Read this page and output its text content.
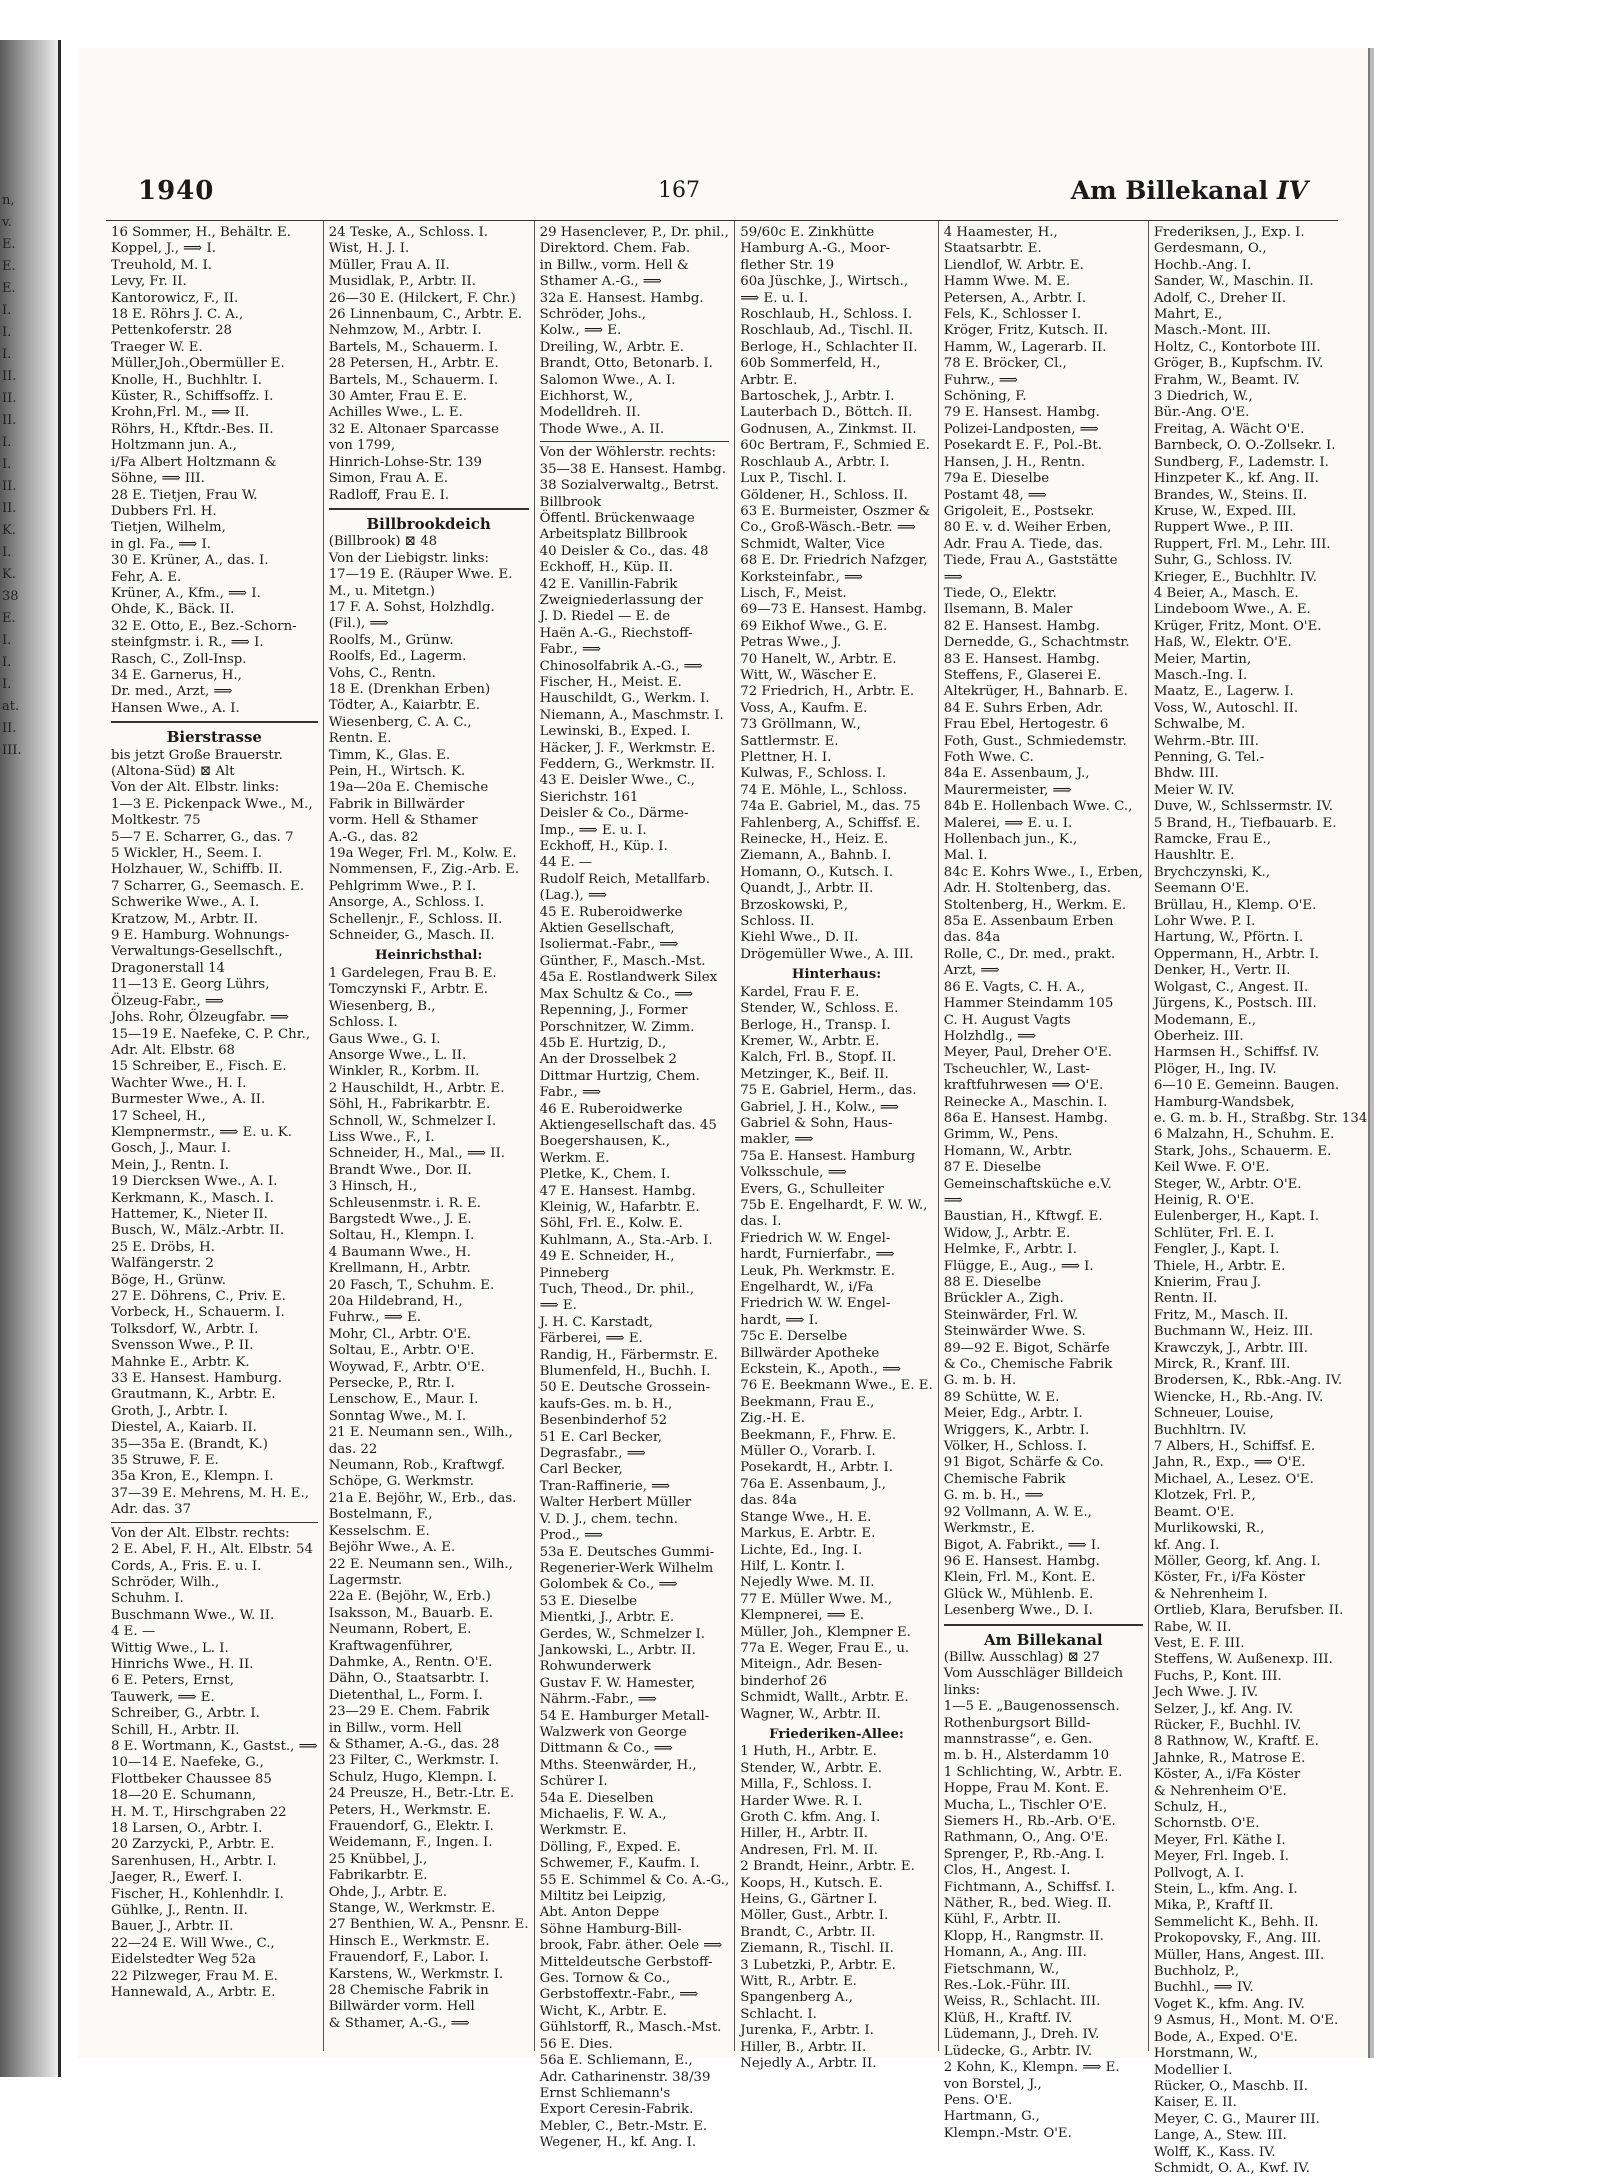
n,
v.
E.
E.
E.
I.
I.
I.
II.
II.
II.
I.
I.
II.
II.
K.
I.
K.
38
E.
I.
I.
I.
at.
II.
III.
1940	167	Am Billekanal IV
16 Sommer, H., Behältr. E.
Koppel, J., ⟹ I.
Treuhold, M. I.
Levy, Fr. II.
Kantorowicz, F., II.
18 E. Röhrs J. C. A.,
Pettenkoferstr. 28
Traeger W. E.
Müller,Joh.,Obermüller E.
Knolle, H., Buchhltr. I.
Küster, R., Schiffsoffz. I.
Krohn,Frl. M., ⟹ II.
Röhrs, H., Kftdr.-Bes. II.
Holtzmann jun. A.,
i/Fa Albert Holtzmann &
Söhne, ⟹ III.
28 E. Tietjen, Frau W.
Dubbers Frl. H.
Tietjen, Wilhelm,
in gl. Fa., ⟹ I.
30 E. Krüner, A., das. I.
Fehr, A. E.
Krüner, A., Kfm., ⟹ I.
Ohde, K., Bäck. II.
32 E. Otto, E., Bez.-Schorn-
steinfgmstr. i. R., ⟹ I.
Rasch, C., Zoll-Insp.
34 E. Garnerus, H.,
Dr. med., Arzt, ⟹
Hansen Wwe., A. I.
Bierstrasse
bis jetzt Große Brauerstr.
(Altona-Süd) ⊠ Alt
Von der Alt. Elbstr. links:
1—3 E. Pickenpack Wwe., M.,
Moltkestr. 75
5—7 E. Scharrer, G., das. 7
5 Wickler, H., Seem. I.
Holzhauer, W., Schiffb. II.
7 Scharrer, G., Seemasch. E.
Schwerike Wwe., A. I.
Kratzow, M., Arbtr. II.
9 E. Hamburg. Wohnungs-
Verwaltungs-Gesellschft.,
Dragonerstall 14
11—13 E. Georg Lührs,
Ölzeug-Fabr., ⟹
Johs. Rohr, Ölzeugfabr. ⟹
15—19 E. Naefeke, C. P. Chr.,
Adr. Alt. Elbstr. 68
15 Schreiber, E., Fisch. E.
Wachter Wwe., H. I.
Burmester Wwe., A. II.
17 Scheel, H.,
Klempnermstr., ⟹ E. u. K.
Gosch, J., Maur. I.
Mein, J., Rentn. I.
19 Diercksen Wwe., A. I.
Kerkmann, K., Masch. I.
Hattemer, K., Nieter II.
Busch, W., Mälz.-Arbtr. II.
25 E. Dröbs, H.
Walfängerstr. 2
Böge, H., Grünw.
27 E. Döhrens, C., Priv. E.
Vorbeck, H., Schauerm. I.
Tolksdorf, W., Arbtr. I.
Svensson Wwe., P. II.
Mahnke E., Arbtr. K.
33 E. Hansest. Hamburg.
Grautmann, K., Arbtr. E.
Groth, J., Arbtr. I.
Diestel, A., Kaiarb. II.
35—35a E. (Brandt, K.)
35 Struwe, F. E.
35a Kron, E., Klempn. I.
37—39 E. Mehrens, M. H. E.,
Adr. das. 37
Von der Alt. Elbstr. rechts:
2 E. Abel, F. H., Alt. Elbstr. 54
Cords, A., Fris. E. u. I.
Schröder, Wilh.,
Schuhm. I.
Buschmann Wwe., W. II.
4 E. —
Wittig Wwe., L. I.
Hinrichs Wwe., H. II.
6 E. Peters, Ernst,
Tauwerk, ⟹ E.
Schreiber, G., Arbtr. I.
Schill, H., Arbtr. II.
8 E. Wortmann, K., Gastst., ⟹
10—14 E. Naefeke, G.,
Flottbeker Chaussee 85
18—20 E. Schumann,
H. M. T., Hirschgraben 22
18 Larsen, O., Arbtr. I.
20 Zarzycki, P., Arbtr. E.
Sarenhusen, H., Arbtr. I.
Jaeger, R., Ewerf. I.
Fischer, H., Kohlenhdlr. I.
Gühlke, J., Rentn. II.
Bauer, J., Arbtr. II.
22—24 E. Will Wwe., C.,
Eidelstedter Weg 52a
22 Pilzweger, Frau M. E.
Hannewald, A., Arbtr. E.
24 Teske, A., Schloss. I.
Wist, H. J. I.
Müller, Frau A. II.
Musidlak, P., Arbtr. II.
26—30 E. (Hilckert, F. Chr.)
26 Linnenbaum, C., Arbtr. E.
Nehmzow, M., Arbtr. I.
Bartels, M., Schauerm. I.
28 Petersen, H., Arbtr. E.
Bartels, M., Schauerm. I.
30 Amter, Frau E. E.
Achilles Wwe., L. E.
32 E. Altonaer Sparcasse
von 1799,
Hinrich-Lohse-Str. 139
Simon, Frau A. E.
Radloff, Frau E. I.
Billbrookdeich
(Billbrook) ⊠ 48
Von der Liebigstr. links:
17—19 E. (Räuper Wwe. E.
M., u. Mitetgn.)
17 F. A. Sohst, Holzhdlg.
(Fil.), ⟹
Roolfs, M., Grünw.
Roolfs, Ed., Lagerm.
Vohs, C., Rentn.
18 E. (Drenkhan Erben)
Tödter, A., Kaiarbtr. E.
Wiesenberg, C. A. C.,
Rentn. E.
Timm, K., Glas. E.
Pein, H., Wirtsch. K.
19a—20a E. Chemische
Fabrik in Billwärder
vorm. Hell & Sthamer
A.-G., das. 82
19a Weger, Frl. M., Kolw. E.
Nommensen, F., Zig.-Arb. E.
Pehlgrimm Wwe., P. I.
Ansorge, A., Schloss. I.
Schellenjr., F., Schloss. II.
Schneider, G., Masch. II.
Heinrichsthal:
1 Gardelegen, Frau B. E.
Tomczynski F., Arbtr. E.
Wiesenberg, B.,
Schloss. I.
Gaus Wwe., G. I.
Ansorge Wwe., L. II.
Winkler, R., Korbm. II.
2 Hauschildt, H., Arbtr. E.
Söhl, H., Fabrikarbtr. E.
Schnoll, W., Schmelzer I.
Liss Wwe., F., I.
Schneider, H., Mal., ⟹ II.
Brandt Wwe., Dor. II.
3 Hinsch, H.,
Schleusenmstr. i. R. E.
Bargstedt Wwe., J. E.
Soltau, H., Klempn. I.
4 Baumann Wwe., H.
Krellmann, H., Arbtr.
20 Fasch, T., Schuhm. E.
20a Hildebrand, H.,
Fuhrw., ⟹ E.
Mohr, Cl., Arbtr. O'E.
Soltau, E., Arbtr. O'E.
Woywad, F., Arbtr. O'E.
Persecke, P., Rtr. I.
Lenschow, E., Maur. I.
Sonntag Wwe., M. I.
21 E. Neumann sen., Wilh.,
das. 22
Neumann, Rob., Kraftwgf.
Schöpe, G. Werkmstr.
21a E. Bejöhr, W., Erb., das.
Bostelmann, F.,
Kesselschm. E.
Bejöhr Wwe., A. E.
22 E. Neumann sen., Wilh.,
Lagermstr.
22a E. (Bejöhr, W., Erb.)
Isaksson, M., Bauarb. E.
Neumann, Robert, E.
Kraftwagenführer,
Dahmke, A., Rentn. O'E.
Dähn, O., Staatsarbtr. I.
Dietenthal, L., Form. I.
23—29 E. Chem. Fabrik
in Billw., vorm. Hell
& Sthamer, A.-G., das. 28
23 Filter, C., Werkmstr. I.
Schulz, Hugo, Klempn. I.
24 Preusze, H., Betr.-Ltr. E.
Peters, H., Werkmstr. E.
Frauendorf, G., Elektr. I.
Weidemann, F., Ingen. I.
25 Knübbel, J.,
Fabrikarbtr. E.
Ohde, J., Arbtr. E.
Stange, W., Werkmstr. E.
27 Benthien, W. A., Pensnr. E.
Hinsch E., Werkmstr. E.
Frauendorf, F., Labor. I.
Karstens, W., Werkmstr. I.
28 Chemische Fabrik in
Billwärder vorm. Hell
& Sthamer, A.-G., ⟹
29 Hasenclever, P., Dr. phil.,
Direktord. Chem. Fab.
in Billw., vorm. Hell &
Sthamer A.-G., ⟹
32a E. Hansest. Hambg.
Schröder, Johs.,
Kolw., ⟹ E.
Dreiling, W., Arbtr. E.
Brandt, Otto, Betonarb. I.
Salomon Wwe., A. I.
Eichhorst, W.,
Modelldreh. II.
Thode Wwe., A. II.
Von der Wöhlerstr. rechts:
35—38 E. Hansest. Hambg.
38 Sozialverwaltg., Betrst.
Billbrook
Öffentl. Brückenwaage
Arbeitsplatz Billbrook
40 Deisler & Co., das. 48
Eckhoff, H., Küp. II.
42 E. Vanillin-Fabrik
Zweigniederlassung der
J. D. Riedel — E. de
Haën A.-G., Riechstoff-
Fabr., ⟹
Chinosolfabrik A.-G., ⟹
Fischer, H., Meist. E.
Hauschildt, G., Werkm. I.
Niemann, A., Maschmstr. I.
Lewinski, B., Exped. I.
Häcker, J. F., Werkmstr. E.
Feddern, G., Werkmstr. II.
43 E. Deisler Wwe., C.,
Sierichstr. 161
Deisler & Co., Därme-
Imp., ⟹ E. u. I.
Eckhoff, H., Küp. I.
44 E. —
Rudolf Reich, Metallfarb.
(Lag.), ⟹
45 E. Ruberoidwerke
Aktien Gesellschaft,
Isoliermat.-Fabr., ⟹
Günther, F., Masch.-Mst.
45a E. Rostlandwerk Silex
Max Schultz & Co., ⟹
Repenning, J., Former
Porschnitzer, W. Zimm.
45b E. Hurtzig, D.,
An der Drosselbek 2
Dittmar Hurtzig, Chem.
Fabr., ⟹
46 E. Ruberoidwerke
Aktiengesellschaft das. 45
Boegershausen, K.,
Werkm. E.
Pletke, K., Chem. I.
47 E. Hansest. Hambg.
Kleinig, W., Hafarbtr. E.
Söhl, Frl. E., Kolw. E.
Kuhlmann, A., Sta.-Arb. I.
49 E. Schneider, H.,
Pinneberg
Tuch, Theod., Dr. phil.,
⟹ E.
J. H. C. Karstadt,
Färberei, ⟹ E.
Randig, H., Färbermstr. E.
Blumenfeld, H., Buchh. I.
50 E. Deutsche Grossein-
kaufs-Ges. m. b. H.,
Besenbinderhof 52
51 E. Carl Becker,
Degrasfabr., ⟹
Carl Becker,
Tran-Raffinerie, ⟹
Walter Herbert Müller
V. D. J., chem. techn.
Prod., ⟹
53a E. Deutsches Gummi-
Regenerier-Werk Wilhelm
Golombek & Co., ⟹
53 E. Dieselbe
Mientki, J., Arbtr. E.
Gerdes, W., Schmelzer I.
Jankowski, L., Arbtr. II.
Rohwunderwerk
Gustav F. W. Hamester,
Nährm.-Fabr., ⟹
54 E. Hamburger Metall-
Walzwerk von George
Dittmann & Co., ⟹
Mths. Steenwärder, H.,
Schürer I.
54a E. Dieselben
Michaelis, F. W. A.,
Werkmstr. E.
Dölling, F., Exped. E.
Schwemer, F., Kaufm. I.
55 E. Schimmel & Co. A.-G.,
Miltitz bei Leipzig,
Abt. Anton Deppe
Söhne Hamburg-Bill-
brook, Fabr. äther. Oele ⟹
Mitteldeutsche Gerbstoff-
Ges. Tornow & Co.,
Gerbstoffextr.-Fabr., ⟹
Wicht, K., Arbtr. E.
Gühlstorff, R., Masch.-Mst.
56 E. Dies.
56a E. Schliemann, E.,
Adr. Catharinenstr. 38/39
Ernst Schliemann's
Export Ceresin-Fabrik.
Mebler, C., Betr.-Mstr. E.
Wegener, H., kf. Ang. I.
59/60c E. Zinkhütte
Hamburg A.-G., Moor-
flether Str. 19
60a Jüschke, J., Wirtsch.,
⟹ E. u. I.
Roschlaub, H., Schloss. I.
Roschlaub, Ad., Tischl. II.
Berloge, H., Schlachter II.
60b Sommerfeld, H.,
Arbtr. E.
Bartoschek, J., Arbtr. I.
Lauterbach D., Böttch. II.
Godnusen, A., Zinkmst. II.
60c Bertram, F., Schmied E.
Roschlaub A., Arbtr. I.
Lux P., Tischl. I.
Göldener, H., Schloss. II.
63 E. Burmeister, Oszmer &
Co., Groß-Wäsch.-Betr. ⟹
Schmidt, Walter, Vice
68 E. Dr. Friedrich Nafzger,
Korksteinfabr., ⟹
Lisch, F., Meist.
69—73 E. Hansest. Hambg.
69 Eikhof Wwe., G. E.
Petras Wwe., J.
70 Hanelt, W., Arbtr. E.
Witt, W., Wäscher E.
72 Friedrich, H., Arbtr. E.
Voss, A., Kaufm. E.
73 Gröllmann, W.,
Sattlermstr. E.
Plettner, H. I.
Kulwas, F., Schloss. I.
74 E. Möhle, L., Schloss.
74a E. Gabriel, M., das. 75
Fahlenberg, A., Schiffsf. E.
Reinecke, H., Heiz. E.
Ziemann, A., Bahnb. I.
Homann, O., Kutsch. I.
Quandt, J., Arbtr. II.
Brzoskowski, P.,
Schloss. II.
Kiehl Wwe., D. II.
Drögemüller Wwe., A. III.
Hinterhaus:
Kardel, Frau F. E.
Stender, W., Schloss. E.
Berloge, H., Transp. I.
Kremer, W., Arbtr. E.
Kalch, Frl. B., Stopf. II.
Metzinger, K., Beif. II.
75 E. Gabriel, Herm., das.
Gabriel, J. H., Kolw., ⟹
Gabriel & Sohn, Haus-
makler, ⟹
75a E. Hansest. Hamburg
Volksschule, ⟹
Evers, G., Schulleiter
75b E. Engelhardt, F. W. W.,
das. I.
Friedrich W. W. Engel-
hardt, Furnierfabr., ⟹
Leuk, Ph. Werkmstr. E.
Engelhardt, W., i/Fa
Friedrich W. W. Engel-
hardt, ⟹ I.
75c E. Derselbe
Billwärder Apotheke
Eckstein, K., Apoth., ⟹
76 E. Beekmann Wwe., E. E.
Beekmann, Frau E.,
Zig.-H. E.
Beekmann, F., Fhrw. E.
Müller O., Vorarb. I.
Posekardt, H., Arbtr. I.
76a E. Assenbaum, J.,
das. 84a
Stange Wwe., H. E.
Markus, E. Arbtr. E.
Lichte, Ed., Ing. I.
Hilf, L. Kontr. I.
Nejedly Wwe. M. II.
77 E. Müller Wwe. M.,
Klempnerei, ⟹ E.
Müller, Joh., Klempner E.
77a E. Weger, Frau E., u.
Miteign., Adr. Besen-
binderhof 26
Schmidt, Wallt., Arbtr. E.
Wagner, W., Arbtr. II.
Friederiken-Allee:
1 Huth, H., Arbtr. E.
Stender, W., Arbtr. E.
Milla, F., Schloss. I.
Harder Wwe. R. I.
Groth C. kfm. Ang. I.
Hiller, H., Arbtr. II.
Andresen, Frl. M. II.
2 Brandt, Heinr., Arbtr. E.
Koops, H., Kutsch. E.
Heins, G., Gärtner I.
Möller, Gust., Arbtr. I.
Brandt, C., Arbtr. II.
Ziemann, R., Tischl. II.
3 Lubetzki, P., Arbtr. E.
Witt, R., Arbtr. E.
Spangenberg A.,
Schlacht. I.
Jurenka, F., Arbtr. I.
Hiller, B., Arbtr. II.
Nejedly A., Arbtr. II.
4 Haamester, H.,
Staatsarbtr. E.
Liendlof, W. Arbtr. E.
Hamm Wwe. M. E.
Petersen, A., Arbtr. I.
Fels, K., Schlosser I.
Kröger, Fritz, Kutsch. II.
Hamm, W., Lagerarb. II.
78 E. Bröcker, Cl.,
Fuhrw., ⟹
Schöning, F.
79 E. Hansest. Hambg.
Polizei-Landposten, ⟹
Posekardt E. F., Pol.-Bt.
Hansen, J. H., Rentn.
79a E. Dieselbe
Postamt 48, ⟹
Grigoleit, E., Postsekr.
80 E. v. d. Weiher Erben,
Adr. Frau A. Tiede, das.
Tiede, Frau A., Gaststätte
⟹
Tiede, O., Elektr.
Ilsemann, B. Maler
82 E. Hansest. Hambg.
Dernedde, G., Schachtmstr.
83 E. Hansest. Hambg.
Steffens, F., Glaserei E.
Altekrüger, H., Bahnarb. E.
84 E. Suhrs Erben, Adr.
Frau Ebel, Hertogestr. 6
Foth, Gust., Schmiedemstr.
Foth Wwe. C.
84a E. Assenbaum, J.,
Maurermeister, ⟹
84b E. Hollenbach Wwe. C.,
Malerei, ⟹ E. u. I.
Hollenbach jun., K.,
Mal. I.
84c E. Kohrs Wwe., I., Erben,
Adr. H. Stoltenberg, das.
Stoltenberg, H., Werkm. E.
85a E. Assenbaum Erben
das. 84a
Rolle, C., Dr. med., prakt.
Arzt, ⟹
86 E. Vagts, C. H. A.,
Hammer Steindamm 105
C. H. August Vagts
Holzhdlg., ⟹
Meyer, Paul, Dreher O'E.
Tscheuchler, W., Last-
kraftfuhrwesen ⟹ O'E.
Reinecke A., Maschin. I.
86a E. Hansest. Hambg.
Grimm, W., Pens.
Homann, W., Arbtr.
87 E. Dieselbe
Gemeinschaftsküche e.V.
⟹
Baustian, H., Kftwgf. E.
Widow, J., Arbtr. E.
Helmke, F., Arbtr. I.
Flügge, E., Aug., ⟹ I.
88 E. Dieselbe
Brückler A., Zigh.
Steinwärder, Frl. W.
Steinwärder Wwe. S.
89—92 E. Bigot, Schärfe
& Co., Chemische Fabrik
G. m. b. H.
89 Schütte, W. E.
Meier, Edg., Arbtr. I.
Wriggers, K., Arbtr. I.
Völker, H., Schloss. I.
91 Bigot, Schärfe & Co.
Chemische Fabrik
G. m. b. H., ⟹
92 Vollmann, A. W. E.,
Werkmstr., E.
Bigot, A. Fabrikt., ⟹ I.
96 E. Hansest. Hambg.
Klein, Frl. M., Kont. E.
Glück W., Mühlenb. E.
Lesenberg Wwe., D. I.
Am Billekanal
(Billw. Ausschlag) ⊠ 27
Vom Ausschläger Billdeich
links:
1—5 E. „Baugenossensch.
Rothenburgsort Billd-
mannstrasse“, e. Gen.
m. b. H., Alsterdamm 10
1 Schlichting, W., Arbtr. E.
Hoppe, Frau M. Kont. E.
Mucha, L., Tischler O'E.
Siemers H., Rb.-Arb. O'E.
Rathmann, O., Ang. O'E.
Sprenger, P., Rb.-Ang. I.
Clos, H., Angest. I.
Fichtmann, A., Schiffsf. I.
Näther, R., bed. Wieg. II.
Kühl, F., Arbtr. II.
Klopp, H., Rangmstr. II.
Homann, A., Ang. III.
Fietschmann, W.,
Res.-Lok.-Führ. III.
Weiss, R., Schlacht. III.
Klüß, H., Kraftf. IV.
Lüdemann, J., Dreh. IV.
Lüdecke, G., Arbtr. IV.
2 Kohn, K., Klempn. ⟹ E.
von Borstel, J.,
Pens. O'E.
Hartmann, G.,
Klempn.-Mstr. O'E.
Frederiksen, J., Exp. I.
Gerdesmann, O.,
Hochb.-Ang. I.
Sander, W., Maschin. II.
Adolf, C., Dreher II.
Mahrt, E.,
Masch.-Mont. III.
Holtz, C., Kontorbote III.
Gröger, B., Kupfschm. IV.
Frahm, W., Beamt. IV.
3 Diedrich, W.,
Bür.-Ang. O'E.
Freitag, A. Wächt O'E.
Barnbeck, O. O.-Zollsekr. I.
Sundberg, F., Lademstr. I.
Hinzpeter K., kf. Ang. II.
Brandes, W., Steins. II.
Kruse, W., Exped. III.
Ruppert Wwe., P. III.
Ruppert, Frl. M., Lehr. III.
Suhr, G., Schloss. IV.
Krieger, E., Buchhltr. IV.
4 Beier, A., Masch. E.
Lindeboom Wwe., A. E.
Krüger, Fritz, Mont. O'E.
Haß, W., Elektr. O'E.
Meier, Martin,
Masch.-Ing. I.
Maatz, E., Lagerw. I.
Voss, W., Autoschl. II.
Schwalbe, M.
Wehrm.-Btr. III.
Penning, G. Tel.-
Bhdw. III.
Meier W. IV.
Duve, W., Schlssermstr. IV.
5 Brand, H., Tiefbauarb. E.
Ramcke, Frau E.,
Haushltr. E.
Brychczynski, K.,
Seemann O'E.
Brüllau, H., Klemp. O'E.
Lohr Wwe. P. I.
Hartung, W., Pförtn. I.
Oppermann, H., Arbtr. I.
Denker, H., Vertr. II.
Wolgast, C., Angest. II.
Jürgens, K., Postsch. III.
Modemann, E.,
Oberheiz. III.
Harmsen H., Schiffsf. IV.
Plöger, H., Ing. IV.
6—10 E. Gemeinn. Baugen.
Hamburg-Wandsbek,
e. G. m. b. H., Straßbg. Str. 134
6 Malzahn, H., Schuhm. E.
Stark, Johs., Schauerm. E.
Keil Wwe. F. O'E.
Steger, W., Arbtr. O'E.
Heinig, R. O'E.
Eulenberger, H., Kapt. I.
Schlüter, Frl. E. I.
Fengler, J., Kapt. I.
Thiele, H., Arbtr. E.
Knierim, Frau J.
Rentn. II.
Fritz, M., Masch. II.
Buchmann W., Heiz. III.
Krawczyk, J., Arbtr. III.
Mirck, R., Kranf. III.
Brodersen, K., Rbk.-Ang. IV.
Wiencke, H., Rb.-Ang. IV.
Schneuer, Louise,
Buchhltrn. IV.
7 Albers, H., Schiffsf. E.
Jahn, R., Exp., ⟹ O'E.
Michael, A., Lesez. O'E.
Klotzek, Frl. P.,
Beamt. O'E.
Murlikowski, R.,
kf. Ang. I.
Möller, Georg, kf. Ang. I.
Köster, Fr., i/Fa Köster
& Nehrenheim I.
Ortlieb, Klara, Berufsber. II.
Rabe, W. II.
Vest, E. F. III.
Steffens, W. Außenexp. III.
Fuchs, P., Kont. III.
Jech Wwe. J. IV.
Selzer, J., kf. Ang. IV.
Rücker, F., Buchhl. IV.
8 Rathnow, W., Kraftf. E.
Jahnke, R., Matrose E.
Köster, A., i/Fa Köster
& Nehrenheim O'E.
Schulz, H.,
Schornstb. O'E.
Meyer, Frl. Käthe I.
Meyer, Frl. Ingeb. I.
Pollvogt, A. I.
Stein, L., kfm. Ang. I.
Mika, P., Kraftf II.
Semmelicht K., Behh. II.
Prokopovsky, F., Ang. III.
Müller, Hans, Angest. III.
Buchholz, P.,
Buchhl., ⟹ IV.
Voget K., kfm. Ang. IV.
9 Asmus, H., Mont. M. O'E.
Bode, A., Exped. O'E.
Horstmann, W.,
Modellier I.
Rücker, O., Maschb. II.
Kaiser, E. II.
Meyer, C. G., Maurer III.
Lange, A., Stew. III.
Wolff, K., Kass. IV.
Schmidt, O. A., Kwf. IV.
